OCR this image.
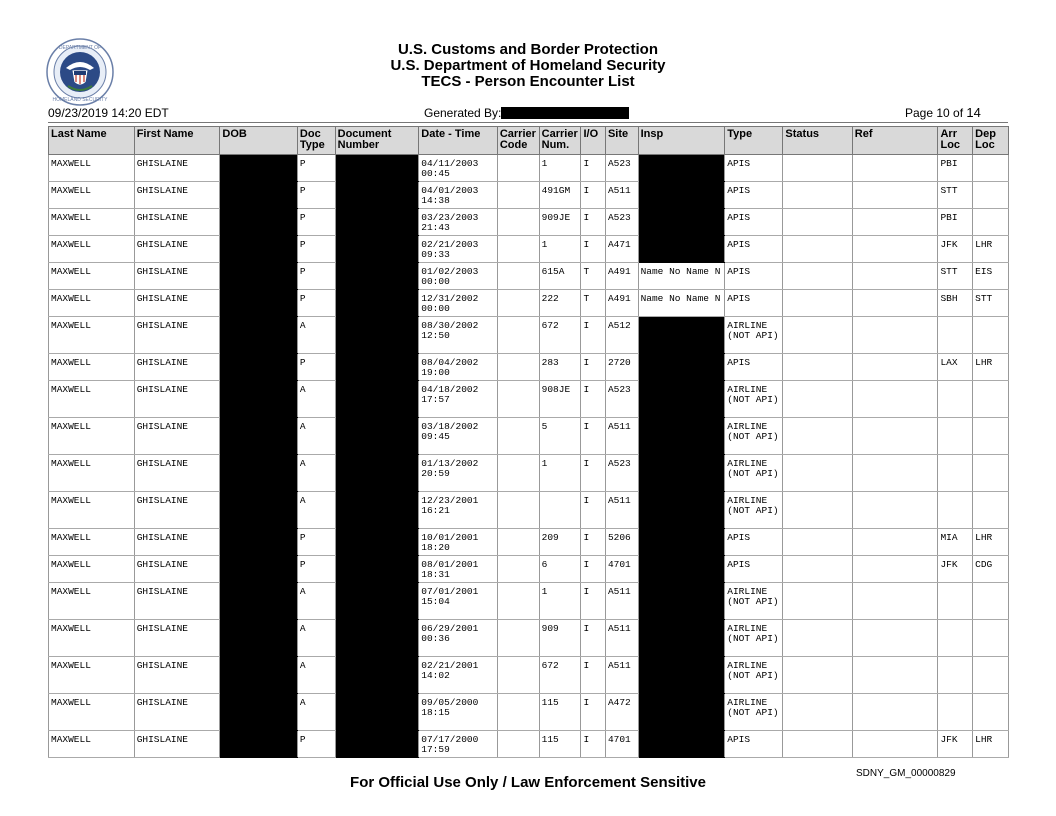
DEPARTMENT OF
HOMELAND SECURITY
U.S. Customs and Border Protection
U.S. Department of Homeland Security
TECS - Person Encounter List
09/23/2019 14:20 EDT	Generated By:	Page 10 of 14
Last Name	First Name	DOB	Doc Type	Document Number	Date - Time	Carrier Code	Carrier Num.	I/O	Site	Insp	Type	Status	Ref	Arr Loc	Dep Loc
MAXWELL	GHISLAINE		P		04/11/2003 00:45		1	I	A523		APIS			PBI	
MAXWELL	GHISLAINE		P		04/01/2003 14:38		491GM	I	A511		APIS			STT	
MAXWELL	GHISLAINE		P		03/23/2003 21:43		909JE	I	A523		APIS			PBI	
MAXWELL	GHISLAINE		P		02/21/2003 09:33		1	I	A471		APIS			JFK	LHR
MAXWELL	GHISLAINE		P		01/02/2003 00:00		615A	T	A491	Name No Name N	APIS			STT	EIS
MAXWELL	GHISLAINE		P		12/31/2002 00:00		222	T	A491	Name No Name N	APIS			SBH	STT
MAXWELL	GHISLAINE		A		08/30/2002 12:50		672	I	A512		AIRLINE (NOT API)				
MAXWELL	GHISLAINE		P		08/04/2002 19:00		283	I	2720		APIS			LAX	LHR
MAXWELL	GHISLAINE		A		04/18/2002 17:57		908JE	I	A523		AIRLINE (NOT API)				
MAXWELL	GHISLAINE		A		03/18/2002 09:45		5	I	A511		AIRLINE (NOT API)				
MAXWELL	GHISLAINE		A		01/13/2002 20:59		1	I	A523		AIRLINE (NOT API)				
MAXWELL	GHISLAINE		A		12/23/2001 16:21			I	A511		AIRLINE (NOT API)				
MAXWELL	GHISLAINE		P		10/01/2001 18:20		209	I	5206		APIS			MIA	LHR
MAXWELL	GHISLAINE		P		08/01/2001 18:31		6	I	4701		APIS			JFK	CDG
MAXWELL	GHISLAINE		A		07/01/2001 15:04		1	I	A511		AIRLINE (NOT API)				
MAXWELL	GHISLAINE		A		06/29/2001 00:36		909	I	A511		AIRLINE (NOT API)				
MAXWELL	GHISLAINE		A		02/21/2001 14:02		672	I	A511		AIRLINE (NOT API)				
MAXWELL	GHISLAINE		A		09/05/2000 18:15		115	I	A472		AIRLINE (NOT API)				
MAXWELL	GHISLAINE		P		07/17/2000 17:59		115	I	4701		APIS			JFK	LHR
For Official Use Only / Law Enforcement Sensitive
SDNY_GM_00000829
